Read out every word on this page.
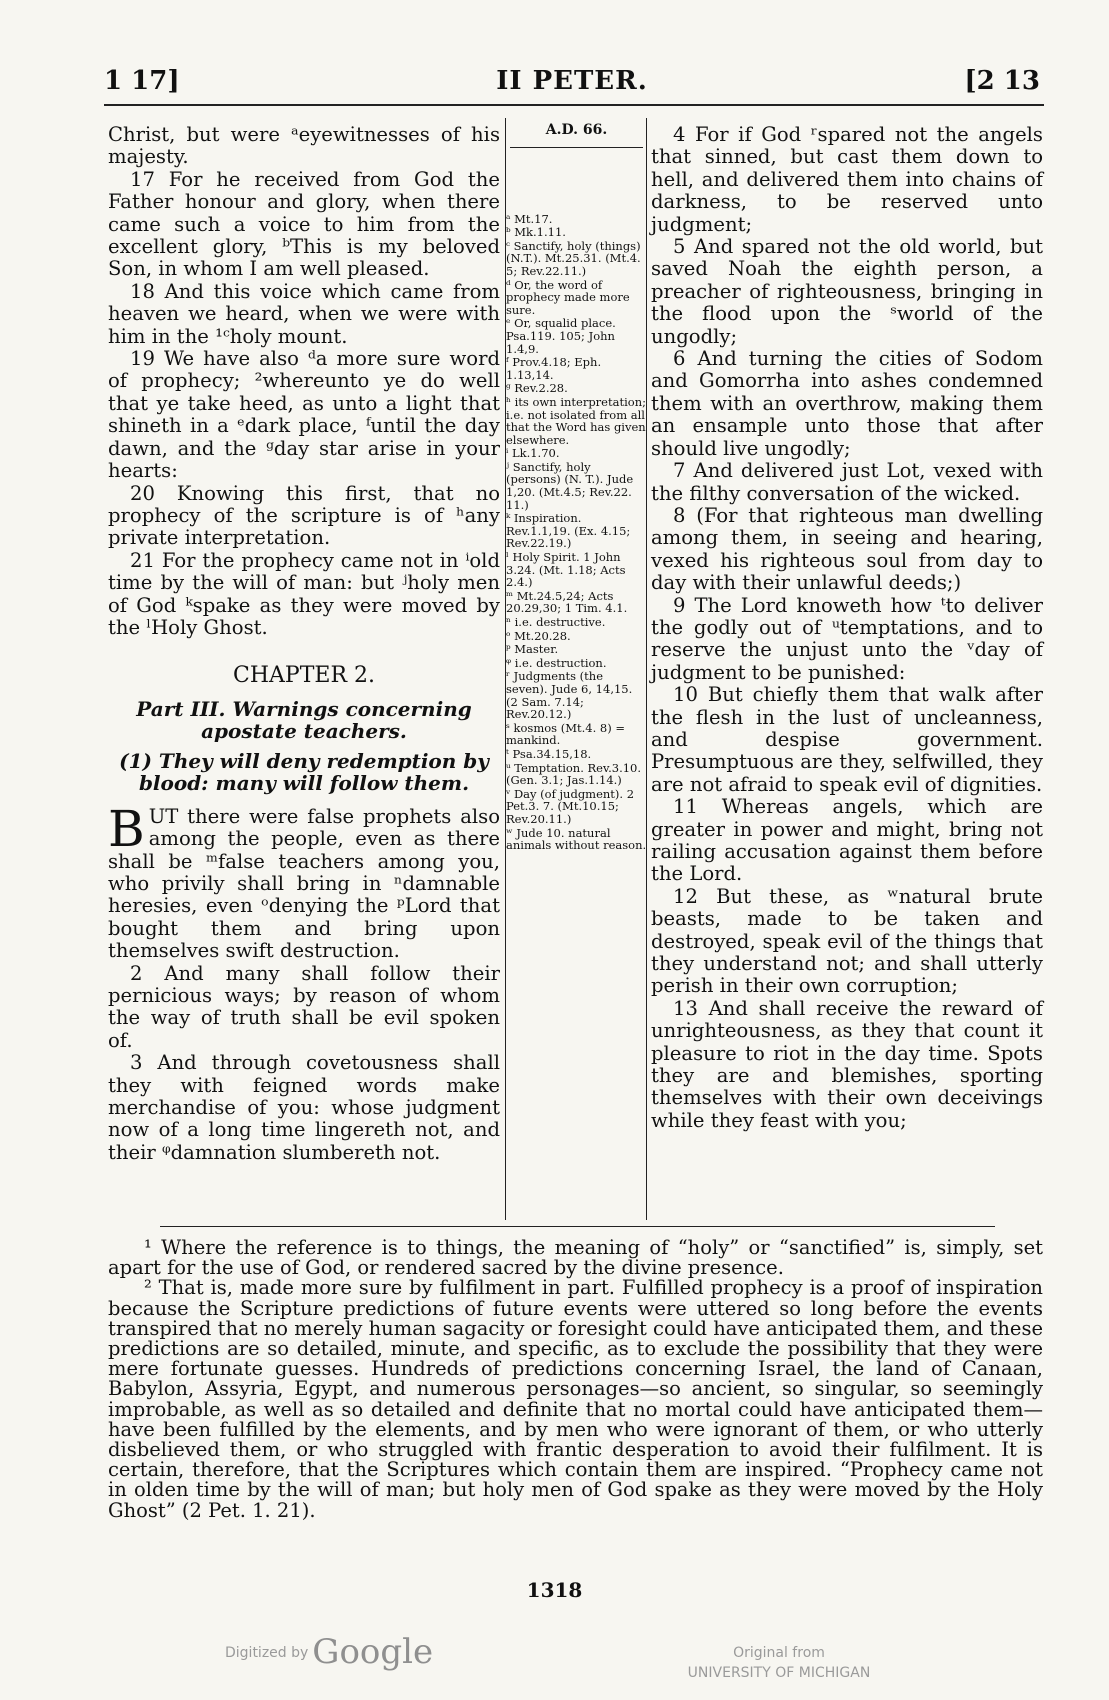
1 17]	II PETER.	[2 13

Christ, but were ᵃeyewitnesses of his majesty.

17 For he received from God the Father honour and glory, when there came such a voice to him from the excellent glory, ᵇThis is my beloved Son, in whom I am well pleased.

18 And this voice which came from heaven we heard, when we were with him in the ¹ᶜholy mount.

19 We have also ᵈa more sure word of prophecy; ²whereunto ye do well that ye take heed, as unto a light that shineth in a ᵉdark place, ᶠuntil the day dawn, and the ᵍday star arise in your hearts:

20 Knowing this first, that no prophecy of the scripture is of ʰany private interpretation.

21 For the prophecy came not in ⁱold time by the will of man: but ʲholy men of God ᵏspake as they were moved by the ˡHoly Ghost.

CHAPTER 2.
Part III. Warnings concerning apostate teachers.
(1) They will deny redemption by blood: many will follow them.

BUT there were false prophets also among the people, even as there shall be ᵐfalse teachers among you, who privily shall bring in ⁿdamnable heresies, even ᵒdenying the ᵖLord that bought them and bring upon themselves swift destruction.

2 And many shall follow their pernicious ways; by reason of whom the way of truth shall be evil spoken of.

3 And through covetousness shall they with feigned words make merchandise of you: whose judgment now of a long time lingereth not, and their ᵠdamnation slumbereth not.

A.D. 66.
ᵃ Mt.17.
ᵇ Mk.1.11.
ᶜ Sanctify, holy (things) (N.T.). Mt.25.31. (Mt.4. 5; Rev.22.11.)
ᵈ Or, the word of prophecy made more sure.
ᵉ Or, squalid place. Psa.119. 105; John 1.4,9.
ᶠ Prov.4.18; Eph. 1.13,14.
ᵍ Rev.2.28.
ʰ its own interpretation; i.e. not isolated from all that the Word has given elsewhere.
ⁱ Lk.1.70.
ʲ Sanctify, holy (persons) (N. T.). Jude 1,20. (Mt.4.5; Rev.22. 11.)
ᵏ Inspiration. Rev.1.1,19. (Ex. 4.15; Rev.22.19.)
ˡ Holy Spirit. 1 John 3.24. (Mt. 1.18; Acts 2.4.)
ᵐ Mt.24.5,24; Acts 20.29,30; 1 Tim. 4.1.
ⁿ i.e. destructive.
ᵒ Mt.20.28.
ᵖ Master.
ᵠ i.e. destruction.
ʳ Judgments (the seven). Jude 6, 14,15. (2 Sam. 7.14; Rev.20.12.)
ˢ kosmos (Mt.4. 8) = mankind.
ᵗ Psa.34.15,18.
ᵘ Temptation. Rev.3.10. (Gen. 3.1; Jas.1.14.)
ᵛ Day (of judgment). 2 Pet.3. 7. (Mt.10.15; Rev.20.11.)
ʷ Jude 10. natural animals without reason.

4 For if God ʳspared not the angels that sinned, but cast them down to hell, and delivered them into chains of darkness, to be reserved unto judgment;

5 And spared not the old world, but saved Noah the eighth person, a preacher of righteousness, bringing in the flood upon the ˢworld of the ungodly;

6 And turning the cities of Sodom and Gomorrha into ashes condemned them with an overthrow, making them an ensample unto those that after should live ungodly;

7 And delivered just Lot, vexed with the filthy conversation of the wicked.

8 (For that righteous man dwelling among them, in seeing and hearing, vexed his righteous soul from day to day with their unlawful deeds;)

9 The Lord knoweth how ᵗto deliver the godly out of ᵘtemptations, and to reserve the unjust unto the ᵛday of judgment to be punished:

10 But chiefly them that walk after the flesh in the lust of uncleanness, and despise government. Presumptuous are they, selfwilled, they are not afraid to speak evil of dignities.

11 Whereas angels, which are greater in power and might, bring not railing accusation against them before the Lord.

12 But these, as ʷnatural brute beasts, made to be taken and destroyed, speak evil of the things that they understand not; and shall utterly perish in their own corruption;

13 And shall receive the reward of unrighteousness, as they that count it pleasure to riot in the day time. Spots they are and blemishes, sporting themselves with their own deceivings while they feast with you;

¹ Where the reference is to things, the meaning of “holy” or “sanctified” is, simply, set apart for the use of God, or rendered sacred by the divine presence.

² That is, made more sure by fulfilment in part. Fulfilled prophecy is a proof of inspiration because the Scripture predictions of future events were uttered so long before the events transpired that no merely human sagacity or foresight could have anticipated them, and these predictions are so detailed, minute, and specific, as to exclude the possibility that they were mere fortunate guesses. Hundreds of predictions concerning Israel, the land of Canaan, Babylon, Assyria, Egypt, and numerous personages—so ancient, so singular, so seemingly improbable, as well as so detailed and definite that no mortal could have anticipated them—have been fulfilled by the elements, and by men who were ignorant of them, or who utterly disbelieved them, or who struggled with frantic desperation to avoid their fulfilment. It is certain, therefore, that the Scriptures which contain them are inspired. “Prophecy came not in olden time by the will of man; but holy men of God spake as they were moved by the Holy Ghost” (2 Pet. 1. 21).

1318
Digitized by Google	Original from
UNIVERSITY OF MICHIGAN
